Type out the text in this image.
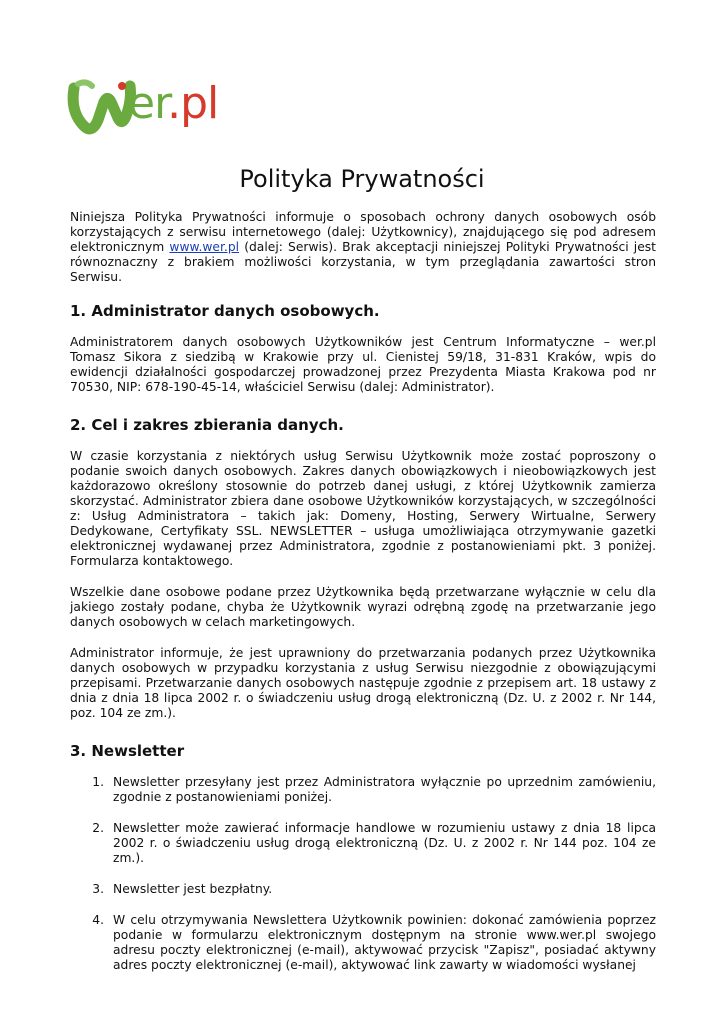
er.pl
Polityka Prywatności

Niniejsza Polityka Prywatności informuje o sposobach ochrony danych osobowych osób korzystających z serwisu internetowego (dalej: Użytkownicy), znajdującego się pod adresem elektronicznym www.wer.pl (dalej: Serwis). Brak akceptacji niniejszej Polityki Prywatności jest równoznaczny z brakiem możliwości korzystania, w tym przeglądania zawartości stron Serwisu.

1. Administrator danych osobowych.

Administratorem danych osobowych Użytkowników jest Centrum Informatyczne – wer.pl Tomasz Sikora z siedzibą w Krakowie przy ul. Cienistej 59/18, 31-831 Kraków, wpis do ewidencji działalności gospodarczej prowadzonej przez Prezydenta Miasta Krakowa pod nr 70530, NIP: 678-190-45-14, właściciel Serwisu (dalej: Administrator).

2. Cel i zakres zbierania danych.

W czasie korzystania z niektórych usług Serwisu Użytkownik może zostać poproszony o podanie swoich danych osobowych. Zakres danych obowiązkowych i nieobowiązkowych jest każdorazowo określony stosownie do potrzeb danej usługi, z której Użytkownik zamierza skorzystać. Administrator zbiera dane osobowe Użytkowników korzystających, w szczególności z: Usług Administratora – takich jak: Domeny, Hosting, Serwery Wirtualne, Serwery Dedykowane, Certyfikaty SSL. NEWSLETTER – usługa umożliwiająca otrzymywanie gazetki elektronicznej wydawanej przez Administratora, zgodnie z postanowieniami pkt. 3 poniżej. Formularza kontaktowego.

Wszelkie dane osobowe podane przez Użytkownika będą przetwarzane wyłącznie w celu dla jakiego zostały podane, chyba że Użytkownik wyrazi odrębną zgodę na przetwarzanie jego danych osobowych w celach marketingowych.

Administrator informuje, że jest uprawniony do przetwarzania podanych przez Użytkownika danych osobowych w przypadku korzystania z usług Serwisu niezgodnie z obowiązującymi przepisami. Przetwarzanie danych osobowych następuje zgodnie z przepisem art. 18 ustawy z dnia z dnia 18 lipca 2002 r. o świadczeniu usług drogą elektroniczną (Dz. U. z 2002 r. Nr 144, poz. 104 ze zm.).

3. Newsletter
1. Newsletter przesyłany jest przez Administratora wyłącznie po uprzednim zamówieniu, zgodnie z postanowieniami poniżej.
2. Newsletter może zawierać informacje handlowe w rozumieniu ustawy z dnia 18 lipca 2002 r. o świadczeniu usług drogą elektroniczną (Dz. U. z 2002 r. Nr 144 poz. 104 ze zm.).
3. Newsletter jest bezpłatny.
4. W celu otrzymywania Newslettera Użytkownik powinien: dokonać zamówienia poprzez podanie w formularzu elektronicznym dostępnym na stronie www.wer.pl swojego adresu poczty elektronicznej (e-mail), aktywować przycisk "Zapisz", posiadać aktywny adres poczty elektronicznej (e-mail), aktywować link zawarty w wiadomości wysłanej
